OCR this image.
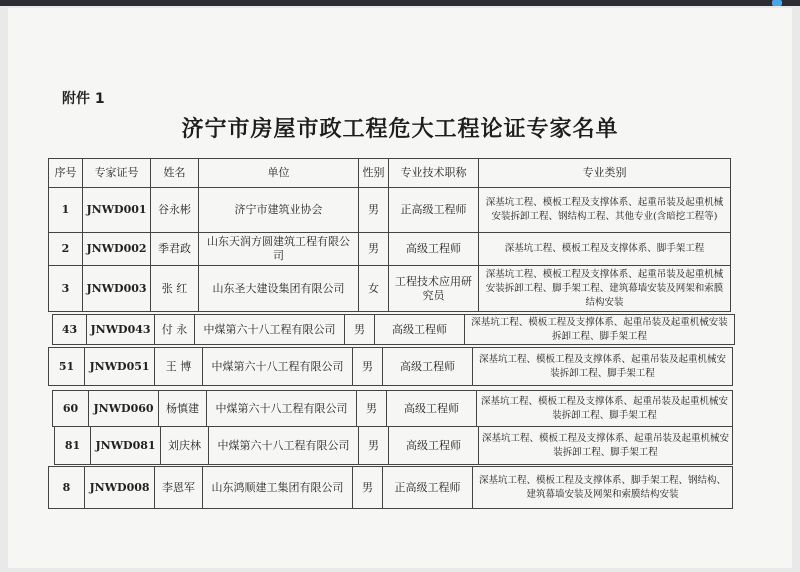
附件 1
济宁市房屋市政工程危大工程论证专家名单
序号	专家证号	姓名	单位	性别	专业技术职称	专业类别
1	JNWD001	谷永彬	济宁市建筑业协会	男	正高级工程师	深基坑工程、模板工程及支撑体系、起重吊装及起重机械安装拆卸工程、钢结构工程、其他专业(含暗挖工程等)
2	JNWD002	季君政	山东天润方圆建筑工程有限公司	男	高级工程师	深基坑工程、模板工程及支撑体系、脚手架工程
3	JNWD003	张 红	山东圣大建设集团有限公司	女	工程技术应用研究员	深基坑工程、模板工程及支撑体系、起重吊装及起重机械安装拆卸工程、脚手架工程、建筑幕墙安装及网架和索膜结构安装
43	JNWD043	付 永	中煤第六十八工程有限公司	男	高级工程师	深基坑工程、模板工程及支撑体系、起重吊装及起重机械安装拆卸工程、脚手架工程
51	JNWD051	王 博	中煤第六十八工程有限公司	男	高级工程师	深基坑工程、模板工程及支撑体系、起重吊装及起重机械安装拆卸工程、脚手架工程
60	JNWD060	杨慎建	中煤第六十八工程有限公司	男	高级工程师	深基坑工程、模板工程及支撑体系、起重吊装及起重机械安装拆卸工程、脚手架工程
81	JNWD081	刘庆林	中煤第六十八工程有限公司	男	高级工程师	深基坑工程、模板工程及支撑体系、起重吊装及起重机械安装拆卸工程、脚手架工程
8	JNWD008	李恩军	山东鸿顺建工集团有限公司	男	正高级工程师	深基坑工程、模板工程及支撑体系、脚手架工程、钢结构、建筑幕墙安装及网架和索膜结构安装
